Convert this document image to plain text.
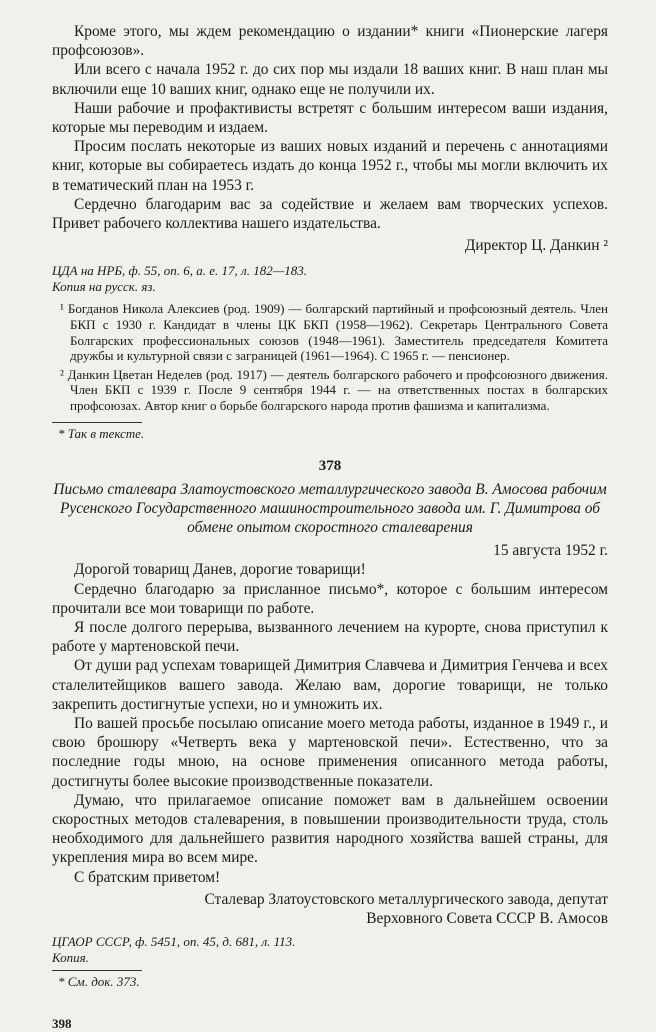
Кроме этого, мы ждем рекомендацию о издании* книги «Пионерские лагеря профсоюзов».

Или всего с начала 1952 г. до сих пор мы издали 18 ваших книг. В наш план мы включили еще 10 ваших книг, однако еще не получили их.

Наши рабочие и профактивисты встретят с большим интересом ваши издания, которые мы переводим и издаем.

Просим послать некоторые из ваших новых изданий и перечень с аннотациями книг, которые вы собираетесь издать до конца 1952 г., чтобы мы могли включить их в тематический план на 1953 г.

Сердечно благодарим вас за содействие и желаем вам творческих успехов. Привет рабочего коллектива нашего издательства.

Директор Ц. Данкин ²

ЦДА на НРБ, ф. 55, оп. 6, а. е. 17, л. 182—183.

Копия на русск. яз.

¹ Богданов Никола Алексиев (род. 1909) — болгарский партийный и профсоюзный деятель. Член БКП с 1930 г. Кандидат в члены ЦК БКП (1958—1962). Секретарь Центрального Совета Болгарских профессиональных союзов (1948—1961). Заместитель председателя Комитета дружбы и культурной связи с заграницей (1961—1964). С 1965 г. — пенсионер.

² Данкин Цветан Неделев (род. 1917) — деятель болгарского рабочего и профсоюзного движения. Член БКП с 1939 г. После 9 сентября 1944 г. — на ответственных постах в болгарских профсоюзах. Автор книг о борьбе болгарского народа против фашизма и капитализма.

* Так в тексте.

378

Письмо сталевара Златоустовского металлургического завода В. Амосова рабочим Русенского Государственного машиностроительного завода им. Г. Димитрова об обмене опытом скоростного сталеварения

15 августа 1952 г.

Дорогой товарищ Данев, дорогие товарищи!

Сердечно благодарю за присланное письмо*, которое с большим интересом прочитали все мои товарищи по работе.

Я после долгого перерыва, вызванного лечением на курорте, снова приступил к работе у мартеновской печи.

От души рад успехам товарищей Димитрия Славчева и Димитрия Генчева и всех сталелитейщиков вашего завода. Желаю вам, дорогие товарищи, не только закрепить достигнутые успехи, но и умножить их.

По вашей просьбе посылаю описание моего метода работы, изданное в 1949 г., и свою брошюру «Четверть века у мартеновской печи». Естественно, что за последние годы мною, на основе применения описанного метода работы, достигнуты более высокие производственные показатели.

Думаю, что прилагаемое описание поможет вам в дальнейшем освоении скоростных методов сталеварения, в повышении производительности труда, столь необходимого для дальнейшего развития народного хозяйства вашей страны, для укрепления мира во всем мире.

С братским приветом!

Сталевар Златоустовского металлургического завода, депутат Верховного Совета СССР В. Амосов

ЦГАОР СССР, ф. 5451, оп. 45, д. 681, л. 113.

Копия.

* См. док. 373.

398
